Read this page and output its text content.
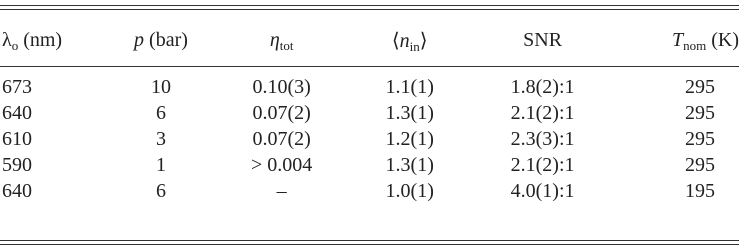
$\lambda_o$ (nm)	p (bar)	$\eta_{tot}$	$⟨n_{in}⟩$	SNR	$T_{nom}$ (K)
673	10	0.10(3)	1.1(1)	1.8(2):1	295
640	6	0.07(2)	1.3(1)	2.1(2):1	295
610	3	0.07(2)	1.2(1)	2.3(3):1	295
590	1	> 0.004	1.3(1)	2.1(2):1	295
640	6	–	1.0(1)	4.0(1):1	195
